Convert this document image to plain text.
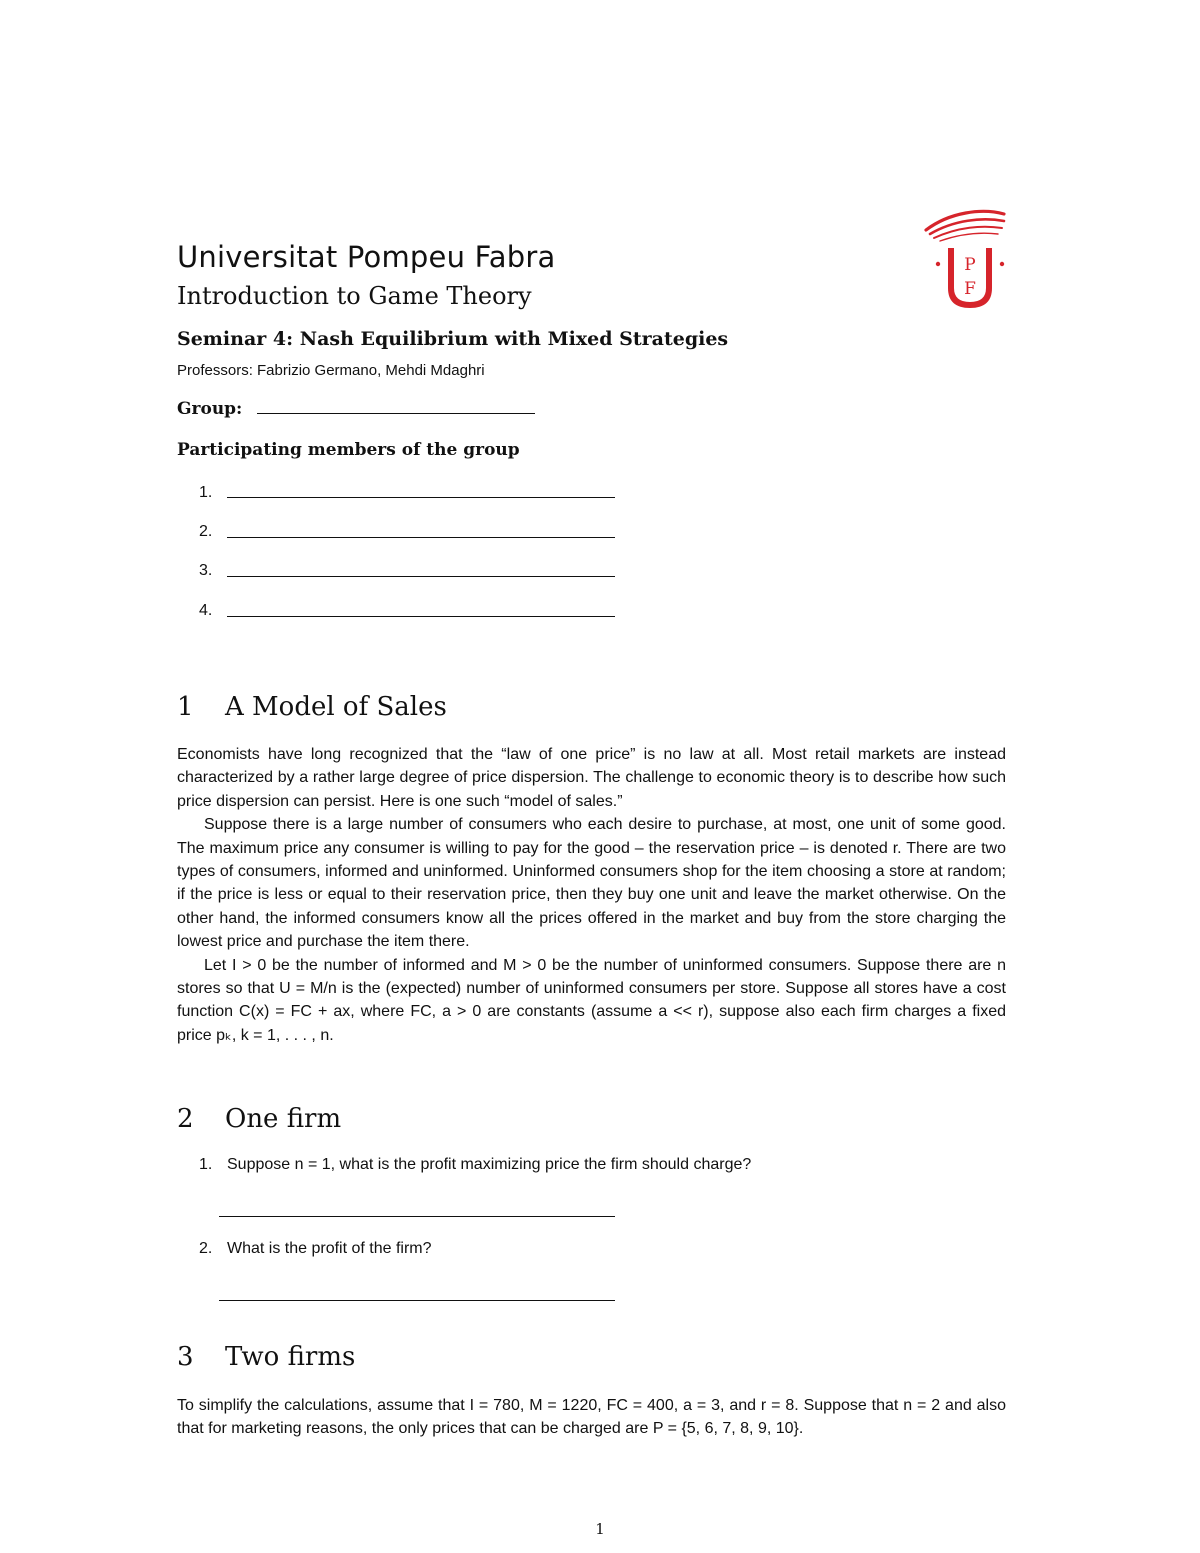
P
F
Universitat Pompeu Fabra
Introduction to Game Theory
Seminar 4: Nash Equilibrium with Mixed Strategies
Professors: Fabrizio Germano, Mehdi Mdaghri
Group:
Participating members of the group
1.
2.
3.
4.
1 A Model of Sales

Economists have long recognized that the “law of one price” is no law at all. Most retail markets are instead characterized by a rather large degree of price dispersion. The challenge to economic theory is to describe how such price dispersion can persist. Here is one such “model of sales.”

Suppose there is a large number of consumers who each desire to purchase, at most, one unit of some good. The maximum price any consumer is willing to pay for the good – the reservation price – is denoted r. There are two types of consumers, informed and uninformed. Uninformed consumers shop for the item choosing a store at random; if the price is less or equal to their reservation price, then they buy one unit and leave the market otherwise. On the other hand, the informed consumers know all the prices offered in the market and buy from the store charging the lowest price and purchase the item there.

Let I > 0 be the number of informed and M > 0 be the number of uninformed consumers. Suppose there are n stores so that U = M/n is the (expected) number of uninformed consumers per store. Suppose all stores have a cost function C(x) = FC + ax, where FC, a > 0 are constants (assume a << r), suppose also each firm charges a fixed price pₖ, k = 1, . . . , n.

2 One firm
1. Suppose n = 1, what is the profit maximizing price the firm should charge?
2. What is the profit of the firm?
3 Two firms

To simplify the calculations, assume that I = 780, M = 1220, FC = 400, a = 3, and r = 8. Suppose that n = 2 and also that for marketing reasons, the only prices that can be charged are P = {5, 6, 7, 8, 9, 10}.

1
